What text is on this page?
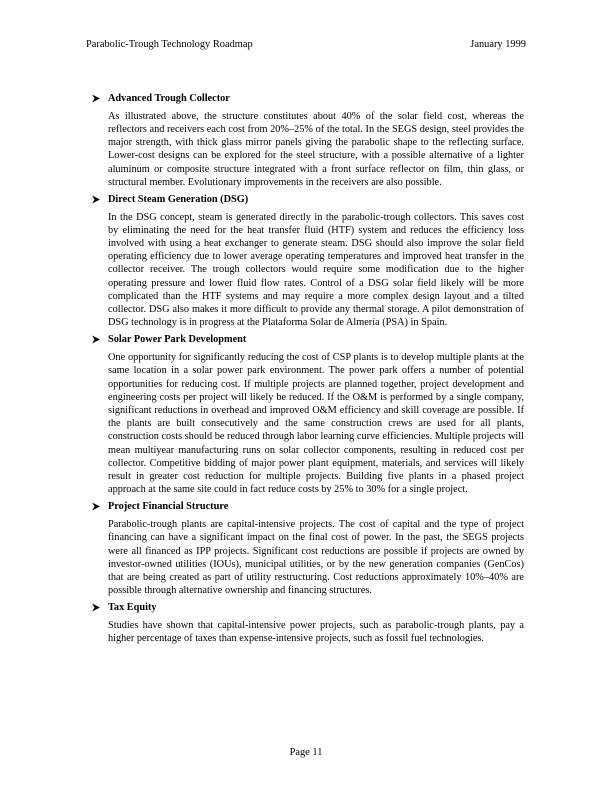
Parabolic-Trough Technology Roadmap	January 1999
Advanced Trough Collector

As illustrated above, the structure constitutes about 40% of the solar field cost, whereas the reflectors and receivers each cost from 20%–25% of the total. In the SEGS design, steel provides the major strength, with thick glass mirror panels giving the parabolic shape to the reflecting surface. Lower-cost designs can be explored for the steel structure, with a possible alternative of a lighter aluminum or composite structure integrated with a front surface reflector on film, thin glass, or structural member. Evolutionary improvements in the receivers are also possible.

Direct Steam Generation (DSG)

In the DSG concept, steam is generated directly in the parabolic-trough collectors. This saves cost by eliminating the need for the heat transfer fluid (HTF) system and reduces the efficiency loss involved with using a heat exchanger to generate steam. DSG should also improve the solar field operating efficiency due to lower average operating temperatures and improved heat transfer in the collector receiver. The trough collectors would require some modification due to the higher operating pressure and lower fluid flow rates. Control of a DSG solar field likely will be more complicated than the HTF systems and may require a more complex design layout and a tilted collector. DSG also makes it more difficult to provide any thermal storage. A pilot demonstration of DSG technology is in progress at the Plataforma Solar de Almería (PSA) in Spain.

Solar Power Park Development

One opportunity for significantly reducing the cost of CSP plants is to develop multiple plants at the same location in a solar power park environment. The power park offers a number of potential opportunities for reducing cost. If multiple projects are planned together, project development and engineering costs per project will likely be reduced. If the O&M is performed by a single company, significant reductions in overhead and improved O&M efficiency and skill coverage are possible. If the plants are built consecutively and the same construction crews are used for all plants, construction costs should be reduced through labor learning curve efficiencies. Multiple projects will mean multiyear manufacturing runs on solar collector components, resulting in reduced cost per collector. Competitive bidding of major power plant equipment, materials, and services will likely result in greater cost reduction for multiple projects. Building five plants in a phased project approach at the same site could in fact reduce costs by 25% to 30% for a single project.

Project Financial Structure

Parabolic-trough plants are capital-intensive projects. The cost of capital and the type of project financing can have a significant impact on the final cost of power. In the past, the SEGS projects were all financed as IPP projects. Significant cost reductions are possible if projects are owned by investor-owned utilities (IOUs), municipal utilities, or by the new generation companies (GenCos) that are being created as part of utility restructuring. Cost reductions approximately 10%–40% are possible through alternative ownership and financing structures.

Tax Equity

Studies have shown that capital-intensive power projects, such as parabolic-trough plants, pay a higher percentage of taxes than expense-intensive projects, such as fossil fuel technologies.

Page 11
